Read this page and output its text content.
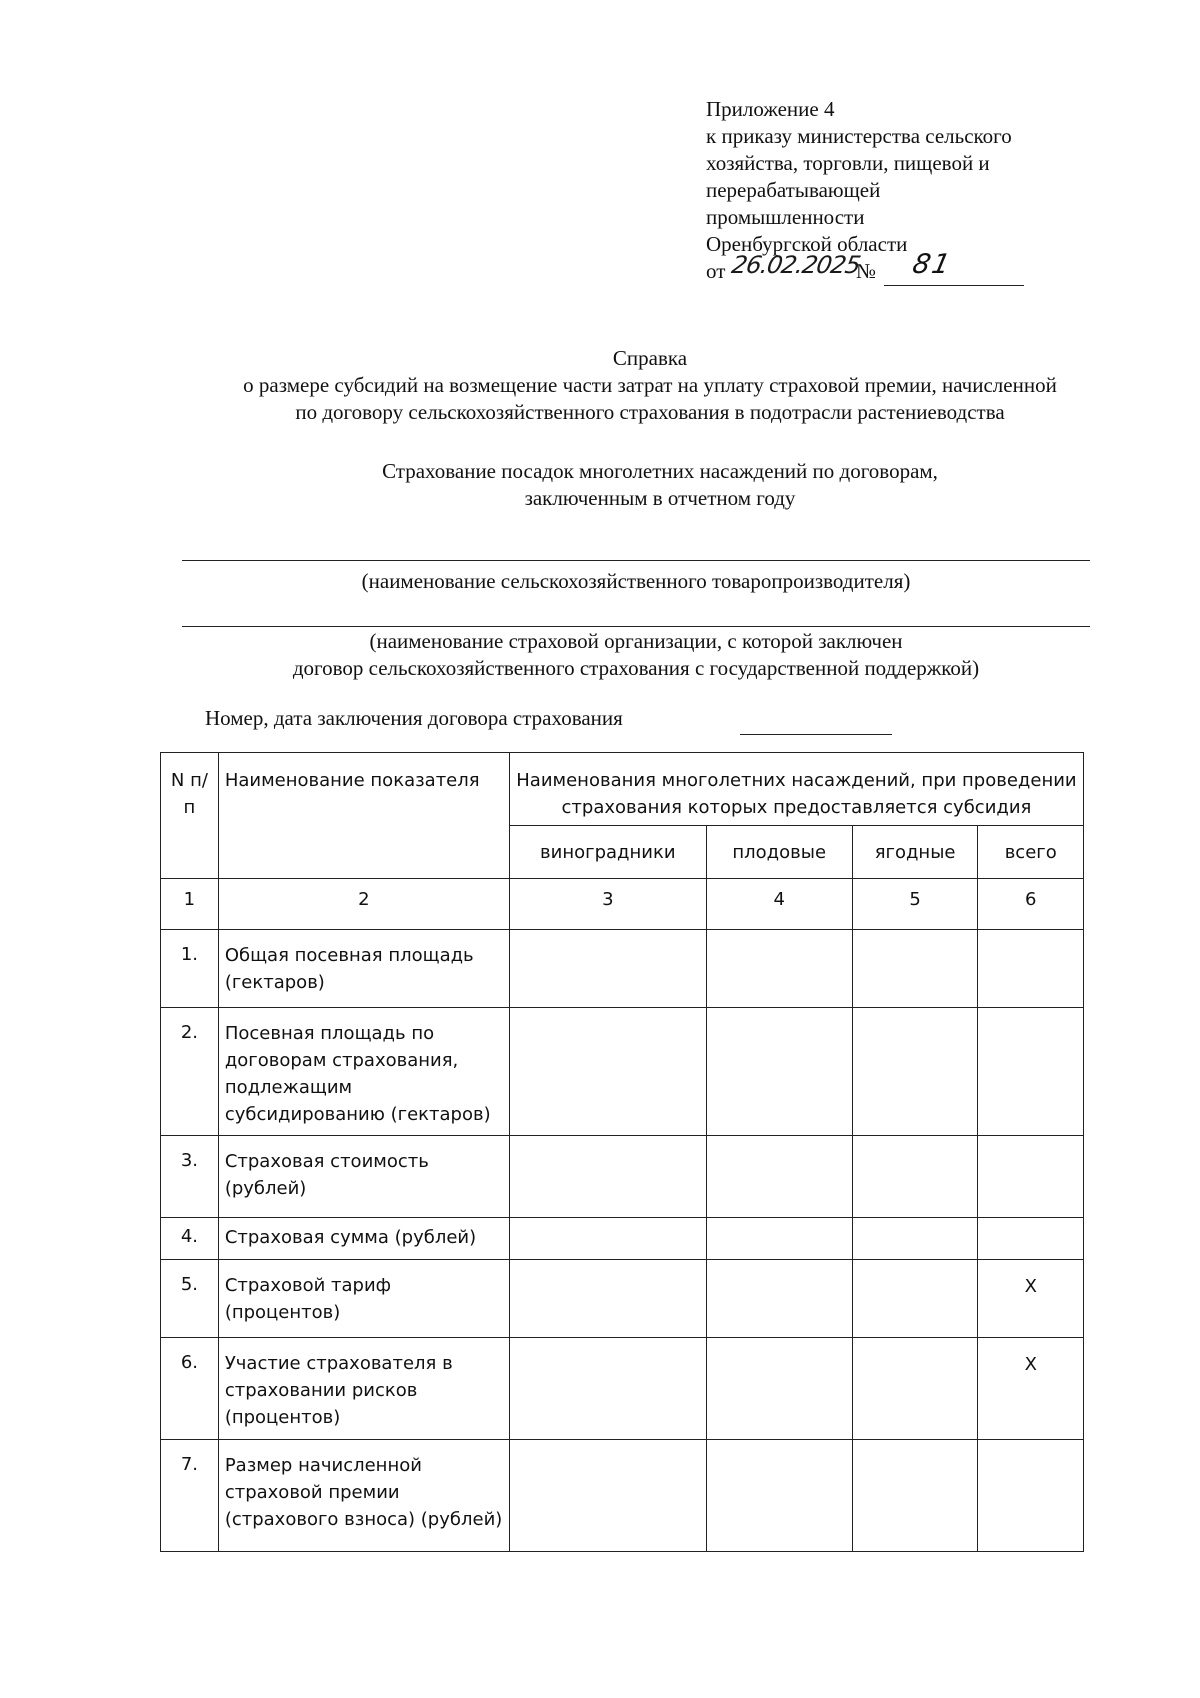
Приложение 4
к приказу министерства сельского
хозяйства, торговли, пищевой и
перерабатывающей
промышленности
Оренбургской области
от 26.02.2025
№ 81
Справка
о размере субсидий на возмещение части затрат на уплату страховой премии, начисленной
по договору сельскохозяйственного страхования в подотрасли растениеводства
Страхование посадок многолетних насаждений по договорам,
заключенным в отчетном году
(наименование сельскохозяйственного товаропроизводителя)
(наименование страховой организации, с которой заключен
договор сельскохозяйственного страхования с государственной поддержкой)
Номер, дата заключения договора страхования
N п/п	Наименование показателя	Наименования многолетних насаждений, при проведении страхования которых предоставляется субсидия			
		виноградники	плодовые	ягодные	всего
1	2	3	4	5	6
1.	Общая посевная площадь (гектаров)				
2.	Посевная площадь по договорам страхования, подлежащим субсидированию (гектаров)				
3.	Страховая стоимость (рублей)				
4.	Страховая сумма (рублей)				
5.	Страховой тариф (процентов)				X
6.	Участие страхователя в страховании рисков (процентов)				X
7.	Размер начисленной страховой премии (страхового взноса) (рублей)				
